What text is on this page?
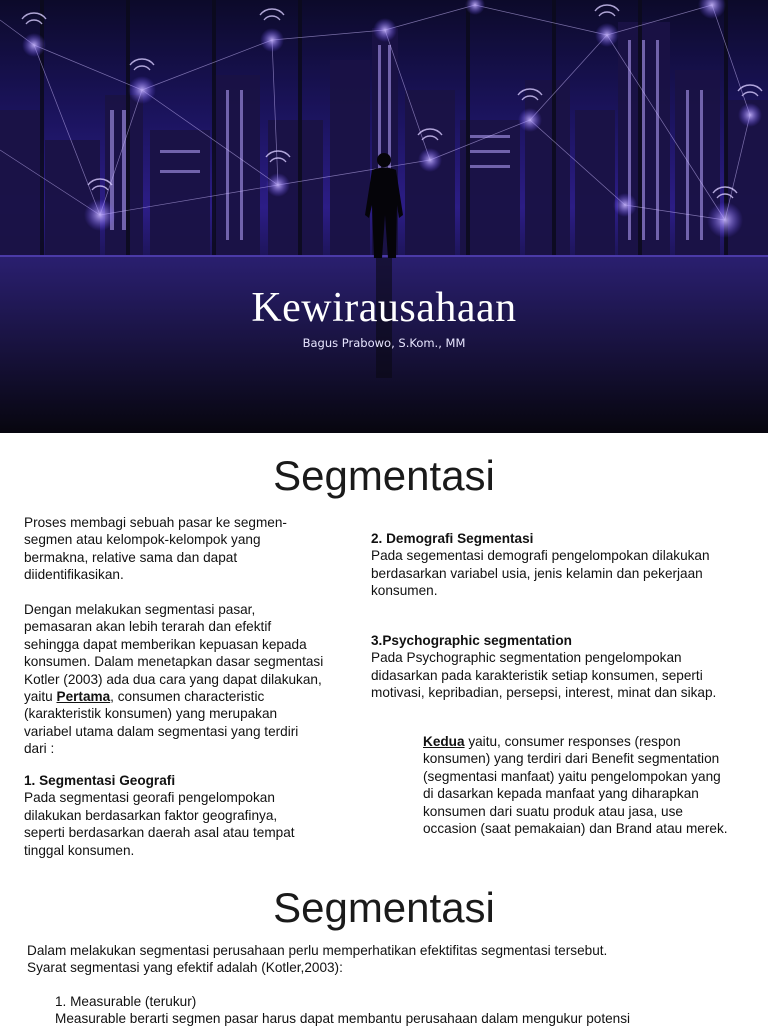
Kewirausahaan
Bagus Prabowo, S.Kom., MM
Segmentasi

Proses membagi sebuah pasar ke segmen-segmen atau kelompok-kelompok yang bermakna, relative sama dan dapat diidentifikasikan.

Dengan melakukan segmentasi pasar, pemasaran akan lebih terarah dan efektif sehingga dapat memberikan kepuasan kepada konsumen. Dalam menetapkan dasar segmentasi Kotler (2003) ada dua cara yang dapat dilakukan, yaitu Pertama, consumen characteristic (karakteristik konsumen) yang merupakan variabel utama dalam segmentasi yang terdiri dari :

1. Segmentasi Geografi
Pada segmentasi georafi pengelompokan dilakukan berdasarkan faktor geografinya, seperti berdasarkan daerah asal atau tempat tinggal konsumen.

2. Demografi Segmentasi
Pada segementasi demografi pengelompokan dilakukan berdasarkan variabel usia, jenis kelamin dan pekerjaan konsumen.

3.Psychographic segmentation
Pada Psychographic segmentation pengelompokan didasarkan pada karakteristik setiap konsumen, seperti motivasi, kepribadian, persepsi, interest, minat dan sikap.

Kedua yaitu, consumer responses (respon konsumen) yang terdiri dari Benefit segmentation (segmentasi manfaat) yaitu pengelompokan yang di dasarkan kepada manfaat yang diharapkan konsumen dari suatu produk atau jasa, use occasion (saat pemakaian) dan Brand atau merek.

Segmentasi

Dalam melakukan segmentasi perusahaan perlu memperhatikan efektifitas segmentasi tersebut.

Syarat segmentasi yang efektif adalah (Kotler,2003):

1. Measurable (terukur)

Measurable berarti segmen pasar harus dapat membantu perusahaan dalam mengukur potensi
